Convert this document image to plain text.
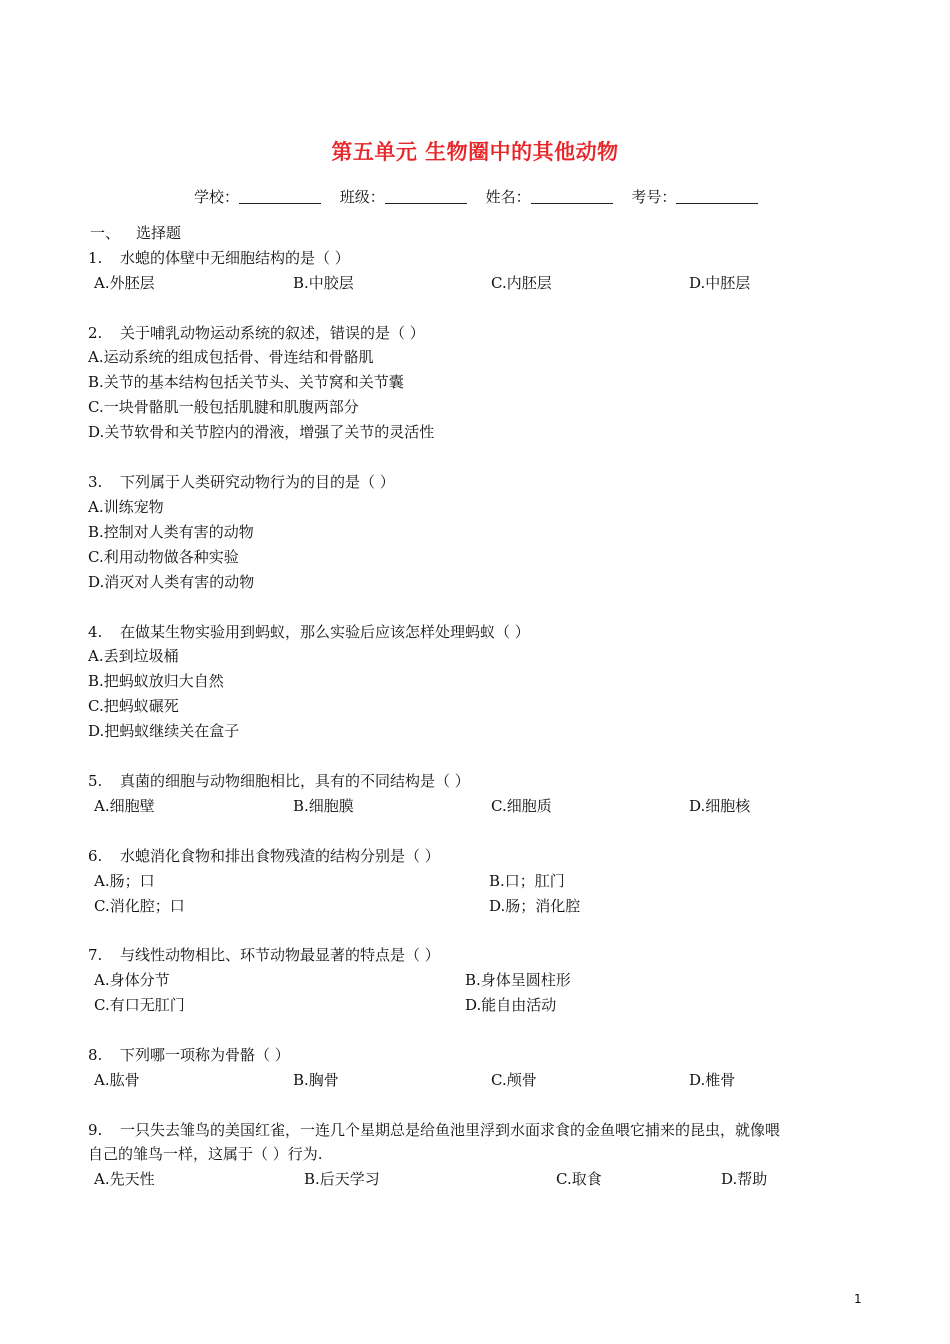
第五单元 生物圈中的其他动物
学校：	班级：	姓名：	考号：
一、 选择题
1. 水螅的体壁中无细胞结构的是（ ）
A.外胚层	B.中胶层	C.内胚层	D.中胚层
2. 关于哺乳动物运动系统的叙述，错误的是（ ）
A.运动系统的组成包括骨、骨连结和骨骼肌
B.关节的基本结构包括关节头、关节窝和关节囊
C.一块骨骼肌一般包括肌腱和肌腹两部分
D.关节软骨和关节腔内的滑液，增强了关节的灵活性
3. 下列属于人类研究动物行为的目的是（ ）
A.训练宠物
B.控制对人类有害的动物
C.利用动物做各种实验
D.消灭对人类有害的动物
4. 在做某生物实验用到蚂蚁，那么实验后应该怎样处理蚂蚁（ ）
A.丢到垃圾桶
B.把蚂蚁放归大自然
C.把蚂蚁碾死
D.把蚂蚁继续关在盒子
5. 真菌的细胞与动物细胞相比，具有的不同结构是（ ）
A.细胞壁	B.细胞膜	C.细胞质	D.细胞核
6. 水螅消化食物和排出食物残渣的结构分别是（ ）
A.肠；口	B.口；肛门
C.消化腔；口	D.肠；消化腔
7. 与线性动物相比、环节动物最显著的特点是（ ）
A.身体分节	B.身体呈圆柱形
C.有口无肛门	D.能自由活动
8. 下列哪一项称为骨骼（ ）
A.肱骨	B.胸骨	C.颅骨	D.椎骨
9. 一只失去雏鸟的美国红雀，一连几个星期总是给鱼池里浮到水面求食的金鱼喂它捕来的昆虫，就像喂
自己的雏鸟一样，这属于（ ）行为.
A.先天性	B.后天学习	C.取食	D.帮助
1
